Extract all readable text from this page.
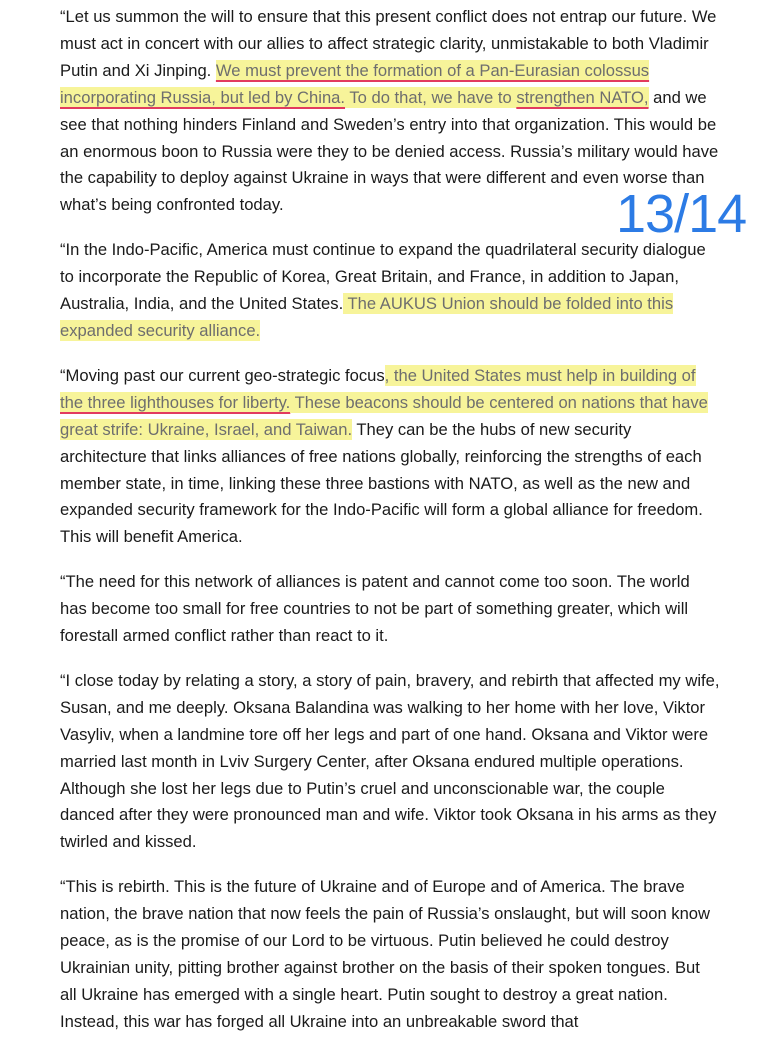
“Let us summon the will to ensure that this present conflict does not entrap our future. We must act in concert with our allies to affect strategic clarity, unmistakable to both Vladimir Putin and Xi Jinping. We must prevent the formation of a Pan-Eurasian colossus incorporating Russia, but led by China. To do that, we have to strengthen NATO, and we see that nothing hinders Finland and Sweden’s entry into that organization. This would be an enormous boon to Russia were they to be denied access. Russia’s military would have the capability to deploy against Ukraine in ways that were different and even worse than what’s being confronted today.

“In the Indo-Pacific, America must continue to expand the quadrilateral security dialogue to incorporate the Republic of Korea, Great Britain, and France, in addition to Japan, Australia, India, and the United States. The AUKUS Union should be folded into this expanded security alliance.

“Moving past our current geo-strategic focus, the United States must help in building of the three lighthouses for liberty. These beacons should be centered on nations that have great strife: Ukraine, Israel, and Taiwan. They can be the hubs of new security architecture that links alliances of free nations globally, reinforcing the strengths of each member state, in time, linking these three bastions with NATO, as well as the new and expanded security framework for the Indo-Pacific will form a global alliance for freedom. This will benefit America.

“The need for this network of alliances is patent and cannot come too soon. The world has become too small for free countries to not be part of something greater, which will forestall armed conflict rather than react to it.

“I close today by relating a story, a story of pain, bravery, and rebirth that affected my wife, Susan, and me deeply. Oksana Balandina was walking to her home with her love, Viktor Vasyliv, when a landmine tore off her legs and part of one hand. Oksana and Viktor were married last month in Lviv Surgery Center, after Oksana endured multiple operations. Although she lost her legs due to Putin’s cruel and unconscionable war, the couple danced after they were pronounced man and wife. Viktor took Oksana in his arms as they twirled and kissed.

“This is rebirth. This is the future of Ukraine and of Europe and of America. The brave nation, the brave nation that now feels the pain of Russia’s onslaught, but will soon know peace, as is the promise of our Lord to be virtuous. Putin believed he could destroy Ukrainian unity, pitting brother against brother on the basis of their spoken tongues. But all Ukraine has emerged with a single heart. Putin sought to destroy a great nation. Instead, this war has forged all Ukraine into an unbreakable sword that

13/14
